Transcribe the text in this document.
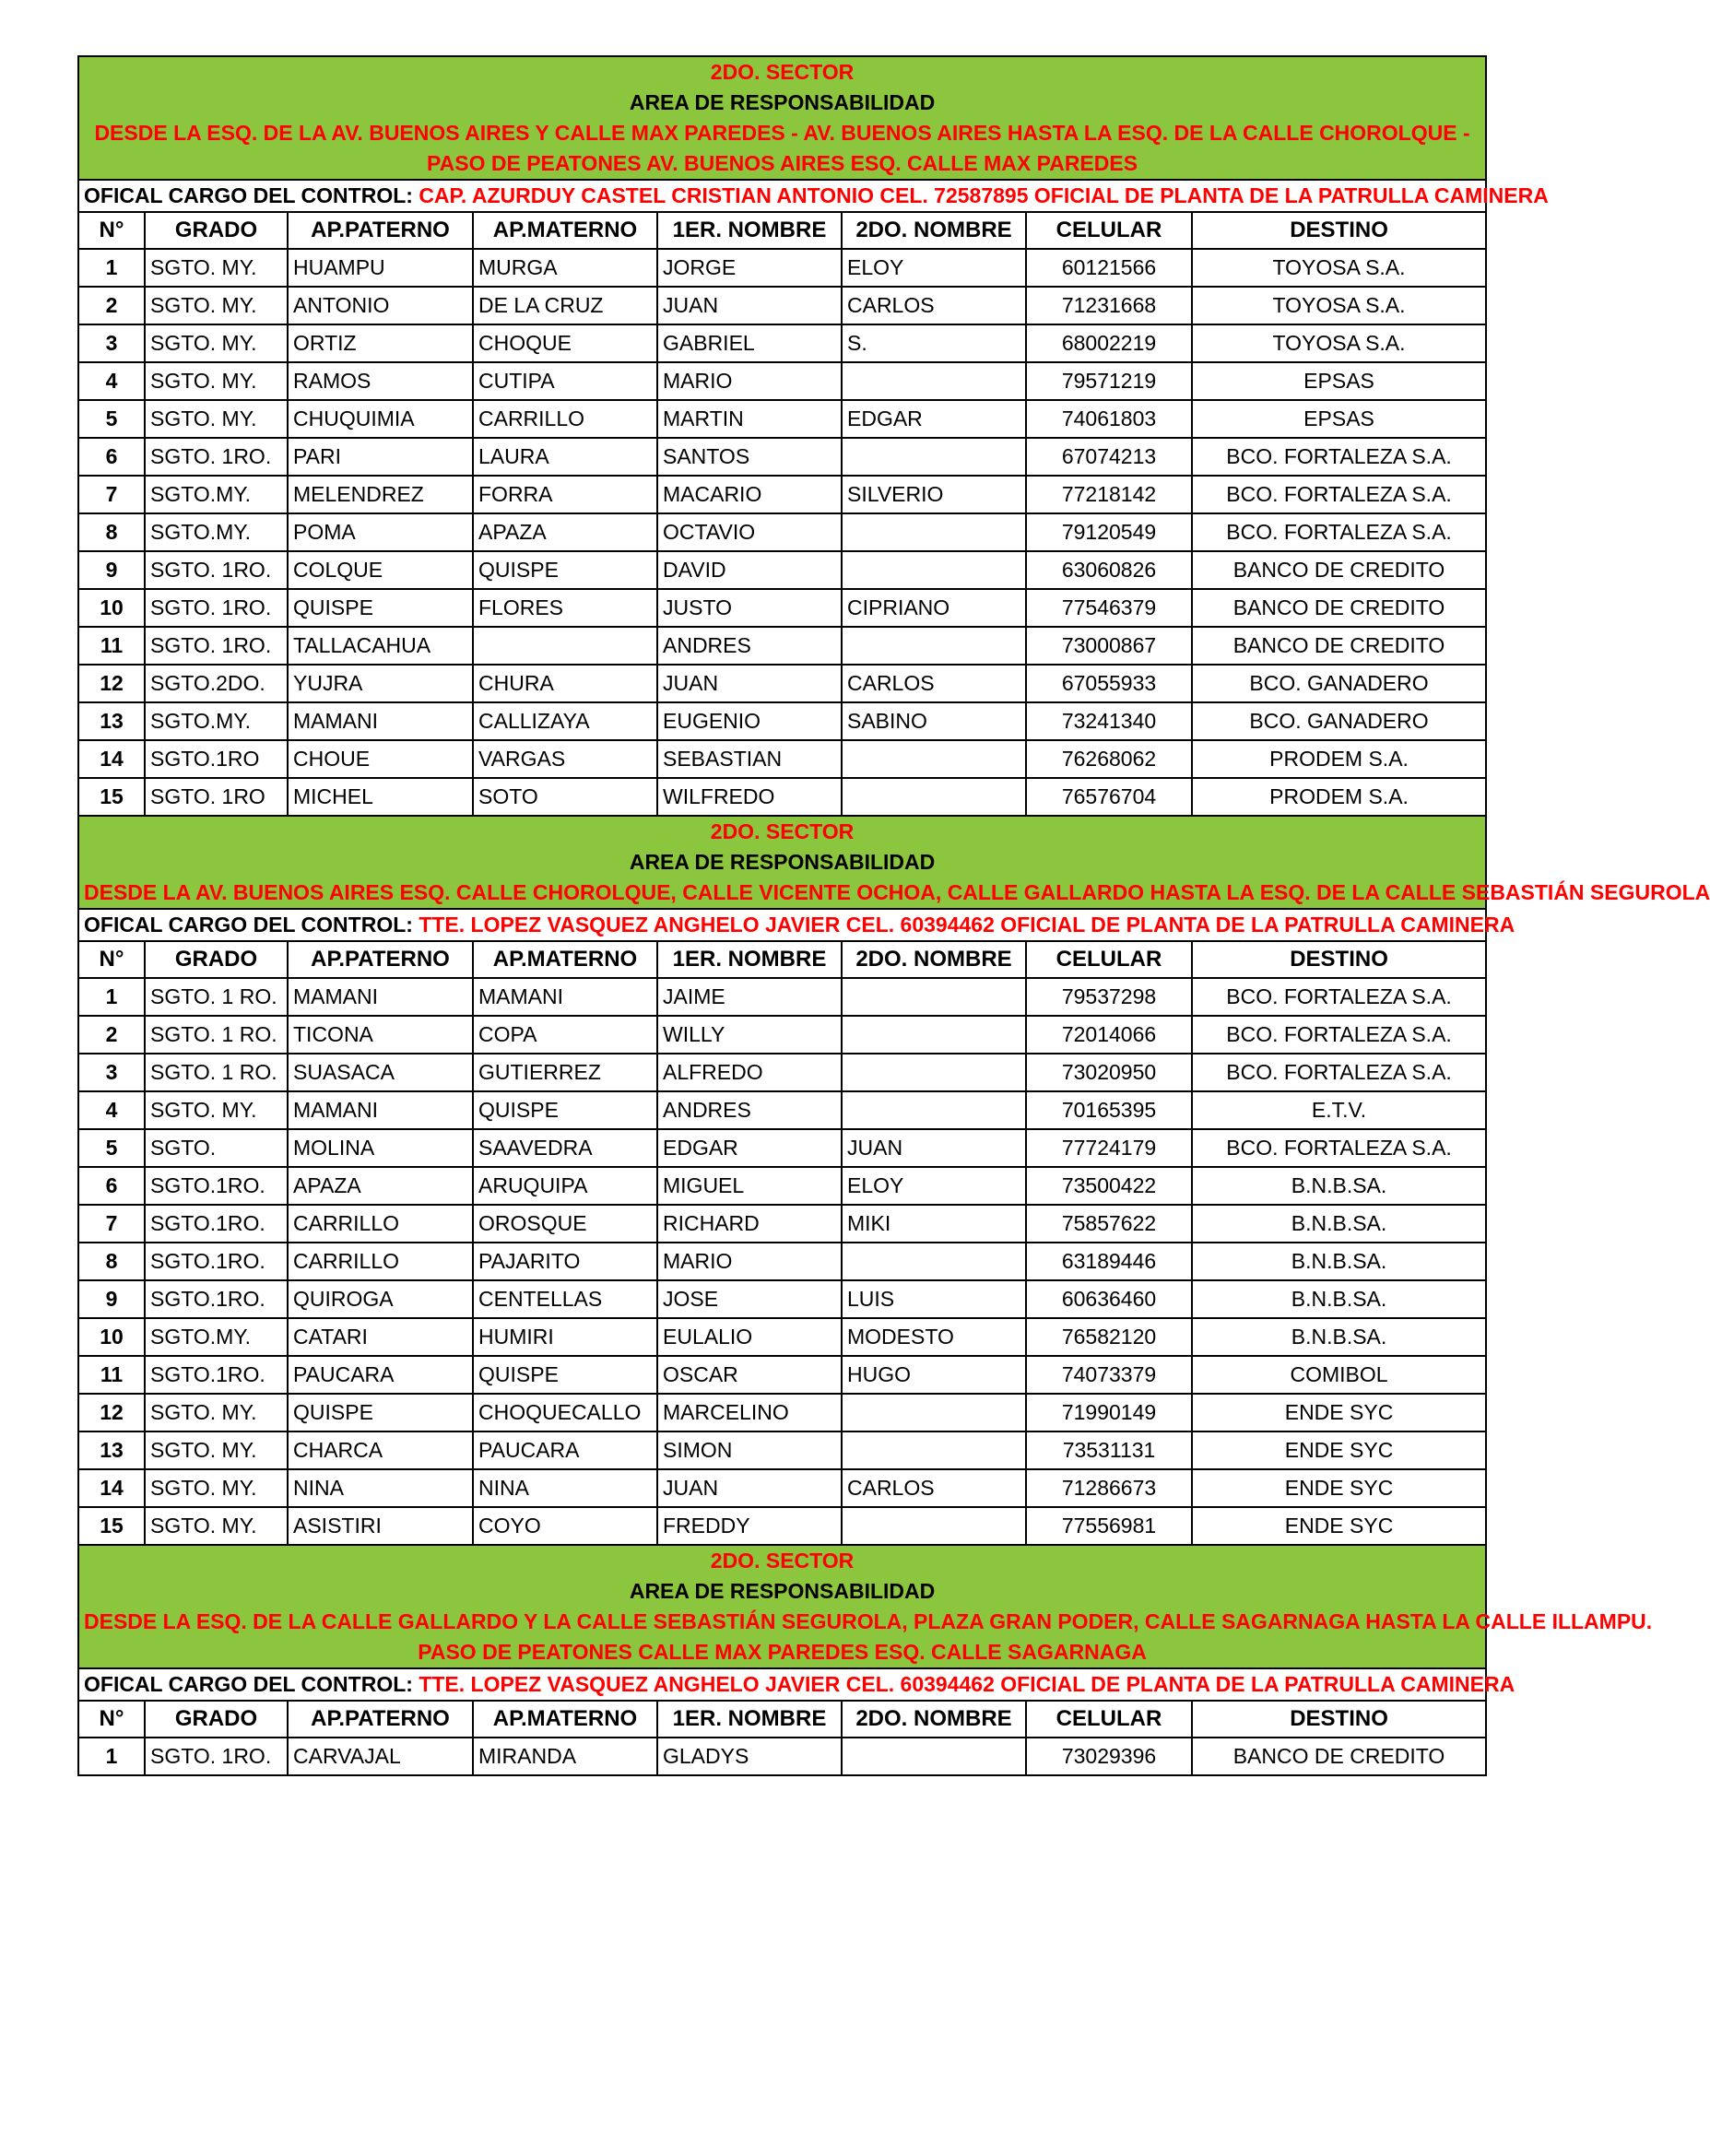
2DO. SECTOR
AREA DE RESPONSABILIDAD
DESDE LA ESQ. DE LA AV. BUENOS AIRES Y CALLE MAX PAREDES - AV. BUENOS AIRES HASTA LA ESQ. DE LA CALLE CHOROLQUE -
PASO DE PEATONES AV. BUENOS AIRES ESQ. CALLE MAX PAREDES							

OFICAL CARGO DEL CONTROL: CAP. AZURDUY CASTEL CRISTIAN ANTONIO CEL. 72587895 OFICIAL DE PLANTA DE LA PATRULLA CAMINERA							
N°	GRADO	AP.PATERNO	AP.MATERNO	1ER. NOMBRE	2DO. NOMBRE	CELULAR	DESTINO
1	SGTO. MY.	HUAMPU	MURGA	JORGE	ELOY	60121566	TOYOSA S.A.
2	SGTO. MY.	ANTONIO	DE LA CRUZ	JUAN	CARLOS	71231668	TOYOSA S.A.
3	SGTO. MY.	ORTIZ	CHOQUE	GABRIEL	S.	68002219	TOYOSA S.A.
4	SGTO. MY.	RAMOS	CUTIPA	MARIO		79571219	EPSAS
5	SGTO. MY.	CHUQUIMIA	CARRILLO	MARTIN	EDGAR	74061803	EPSAS
6	SGTO. 1RO.	PARI	LAURA	SANTOS		67074213	BCO. FORTALEZA S.A.
7	SGTO.MY.	MELENDREZ	FORRA	MACARIO	SILVERIO	77218142	BCO. FORTALEZA S.A.
8	SGTO.MY.	POMA	APAZA	OCTAVIO		79120549	BCO. FORTALEZA S.A.
9	SGTO. 1RO.	COLQUE	QUISPE	DAVID		63060826	BANCO DE CREDITO
10	SGTO. 1RO.	QUISPE	FLORES	JUSTO	CIPRIANO	77546379	BANCO DE CREDITO
11	SGTO. 1RO.	TALLACAHUA		ANDRES		73000867	BANCO DE CREDITO
12	SGTO.2DO.	YUJRA	CHURA	JUAN	CARLOS	67055933	BCO. GANADERO
13	SGTO.MY.	MAMANI	CALLIZAYA	EUGENIO	SABINO	73241340	BCO. GANADERO
14	SGTO.1RO	CHOUE	VARGAS	SEBASTIAN		76268062	PRODEM S.A.
15	SGTO. 1RO	MICHEL	SOTO	WILFREDO		76576704	PRODEM S.A.

2DO. SECTOR
AREA DE RESPONSABILIDAD
DESDE LA AV. BUENOS AIRES ESQ. CALLE CHOROLQUE, CALLE VICENTE OCHOA, CALLE GALLARDO HASTA LA ESQ. DE LA CALLE SEBASTIÁN SEGUROLA							

OFICAL CARGO DEL CONTROL: TTE. LOPEZ VASQUEZ ANGHELO JAVIER CEL. 60394462 OFICIAL DE PLANTA DE LA PATRULLA CAMINERA							
N°	GRADO	AP.PATERNO	AP.MATERNO	1ER. NOMBRE	2DO. NOMBRE	CELULAR	DESTINO
1	SGTO. 1 RO.	MAMANI	MAMANI	JAIME		79537298	BCO. FORTALEZA S.A.
2	SGTO. 1 RO.	TICONA	COPA	WILLY		72014066	BCO. FORTALEZA S.A.
3	SGTO. 1 RO.	SUASACA	GUTIERREZ	ALFREDO		73020950	BCO. FORTALEZA S.A.
4	SGTO. MY.	MAMANI	QUISPE	ANDRES		70165395	E.T.V.
5	SGTO.	MOLINA	SAAVEDRA	EDGAR	JUAN	77724179	BCO. FORTALEZA S.A.
6	SGTO.1RO.	APAZA	ARUQUIPA	MIGUEL	ELOY	73500422	B.N.B.SA.
7	SGTO.1RO.	CARRILLO	OROSQUE	RICHARD	MIKI	75857622	B.N.B.SA.
8	SGTO.1RO.	CARRILLO	PAJARITO	MARIO		63189446	B.N.B.SA.
9	SGTO.1RO.	QUIROGA	CENTELLAS	JOSE	LUIS	60636460	B.N.B.SA.
10	SGTO.MY.	CATARI	HUMIRI	EULALIO	MODESTO	76582120	B.N.B.SA.
11	SGTO.1RO.	PAUCARA	QUISPE	OSCAR	HUGO	74073379	COMIBOL
12	SGTO. MY.	QUISPE	CHOQUECALLO	MARCELINO		71990149	ENDE SYC
13	SGTO. MY.	CHARCA	PAUCARA	SIMON		73531131	ENDE SYC
14	SGTO. MY.	NINA	NINA	JUAN	CARLOS	71286673	ENDE SYC
15	SGTO. MY.	ASISTIRI	COYO	FREDDY		77556981	ENDE SYC

2DO. SECTOR
AREA DE RESPONSABILIDAD
DESDE LA ESQ. DE LA CALLE GALLARDO Y LA CALLE SEBASTIÁN SEGUROLA, PLAZA GRAN PODER, CALLE SAGARNAGA HASTA LA CALLE ILLAMPU.
PASO DE PEATONES CALLE MAX PAREDES ESQ. CALLE SAGARNAGA							

OFICAL CARGO DEL CONTROL: TTE. LOPEZ VASQUEZ ANGHELO JAVIER CEL. 60394462 OFICIAL DE PLANTA DE LA PATRULLA CAMINERA							
N°	GRADO	AP.PATERNO	AP.MATERNO	1ER. NOMBRE	2DO. NOMBRE	CELULAR	DESTINO
1	SGTO. 1RO.	CARVAJAL	MIRANDA	GLADYS		73029396	BANCO DE CREDITO
